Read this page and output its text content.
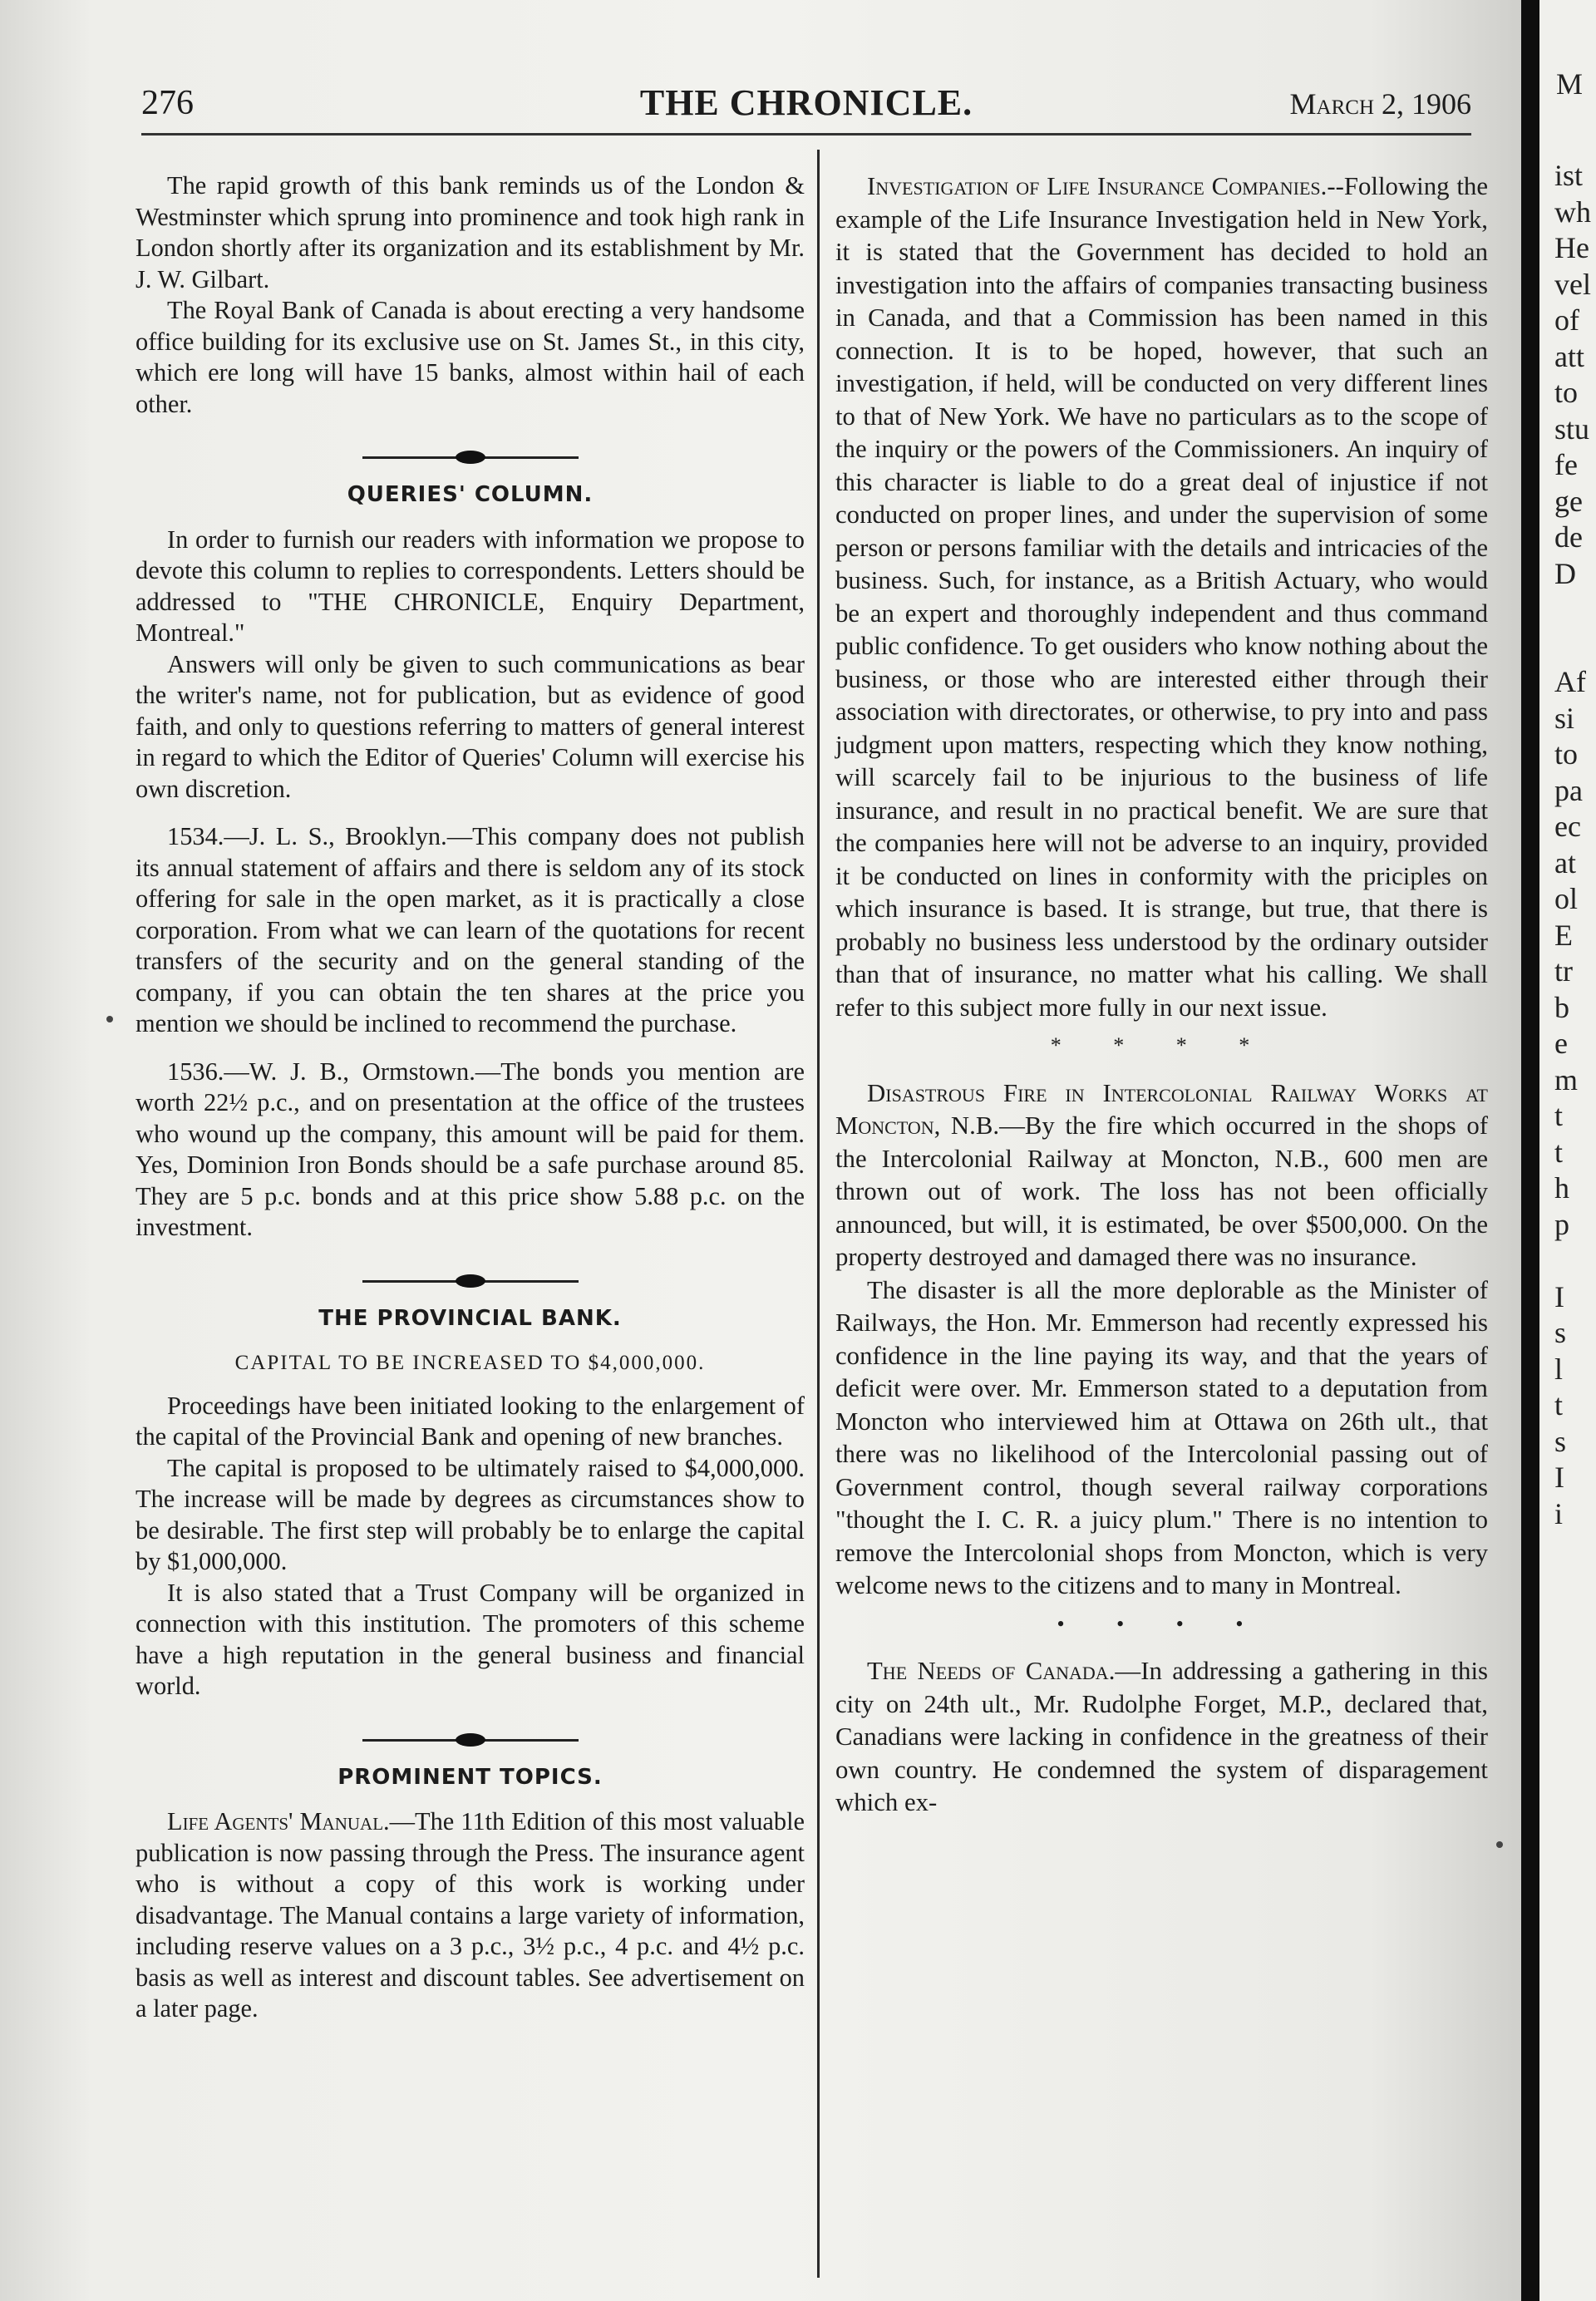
276	THE CHRONICLE.	March 2, 1906

The rapid growth of this bank reminds us of the London & Westminster which sprung into prominence and took high rank in London shortly after its organization and its establishment by Mr. J. W. Gilbart.

The Royal Bank of Canada is about erecting a very handsome office building for its exclusive use on St. James St., in this city, which ere long will have 15 banks, almost within hail of each other.

QUERIES' COLUMN.

In order to furnish our readers with information we propose to devote this column to replies to correspondents. Letters should be addressed to "THE CHRONICLE, Enquiry Department, Montreal."

Answers will only be given to such communications as bear the writer's name, not for publication, but as evidence of good faith, and only to questions referring to matters of general interest in regard to which the Editor of Queries' Column will exercise his own discretion.

1534.—J. L. S., Brooklyn.—This company does not publish its annual statement of affairs and there is seldom any of its stock offering for sale in the open market, as it is practically a close corporation. From what we can learn of the quotations for recent transfers of the security and on the general standing of the company, if you can obtain the ten shares at the price you mention we should be inclined to recommend the purchase.

1536.—W. J. B., Ormstown.—The bonds you mention are worth 22½ p.c., and on presentation at the office of the trustees who wound up the company, this amount will be paid for them. Yes, Dominion Iron Bonds should be a safe purchase around 85. They are 5 p.c. bonds and at this price show 5.88 p.c. on the investment.

THE PROVINCIAL BANK.
CAPITAL TO BE INCREASED TO $4,000,000.

Proceedings have been initiated looking to the enlargement of the capital of the Provincial Bank and opening of new branches.

The capital is proposed to be ultimately raised to $4,000,000. The increase will be made by degrees as circumstances show to be desirable. The first step will probably be to enlarge the capital by $1,000,000.

It is also stated that a Trust Company will be organized in connection with this institution. The promoters of this scheme have a high reputation in the general business and financial world.

PROMINENT TOPICS.

Life Agents' Manual.—The 11th Edition of this most valuable publication is now passing through the Press. The insurance agent who is without a copy of this work is working under disadvantage. The Manual contains a large variety of information, including reserve values on a 3 p.c., 3½ p.c., 4 p.c. and 4½ p.c. basis as well as interest and discount tables. See advertisement on a later page.

Investigation of Life Insurance Companies.--Following the example of the Life Insurance Investigation held in New York, it is stated that the Government has decided to hold an investigation into the affairs of companies transacting business in Canada, and that a Commission has been named in this connection. It is to be hoped, however, that such an investigation, if held, will be conducted on very different lines to that of New York. We have no particulars as to the scope of the inquiry or the powers of the Commissioners. An inquiry of this character is liable to do a great deal of injustice if not conducted on proper lines, and under the supervision of some person or persons familiar with the details and intricacies of the business. Such, for instance, as a British Actuary, who would be an expert and thoroughly independent and thus command public confidence. To get ousiders who know nothing about the business, or those who are interested either through their association with directorates, or otherwise, to pry into and pass judgment upon matters, respecting which they know nothing, will scarcely fail to be injurious to the business of life insurance, and result in no practical benefit. We are sure that the companies here will not be adverse to an inquiry, provided it be conducted on lines in conformity with the priciples on which insurance is based. It is strange, but true, that there is probably no business less understood by the ordinary outsider than that of insurance, no matter what his calling. We shall refer to this subject more fully in our next issue.

* * * *

Disastrous Fire in Intercolonial Railway Works at Moncton, N.B.—By the fire which occurred in the shops of the Intercolonial Railway at Moncton, N.B., 600 men are thrown out of work. The loss has not been officially announced, but will, it is estimated, be over $500,000. On the property destroyed and damaged there was no insurance.

The disaster is all the more deplorable as the Minister of Railways, the Hon. Mr. Emmerson had recently expressed his confidence in the line paying its way, and that the years of deficit were over. Mr. Emmerson stated to a deputation from Moncton who interviewed him at Ottawa on 26th ult., that there was no likelihood of the Intercolonial passing out of Government control, though several railway corporations "thought the I. C. R. a juicy plum." There is no intention to remove the Intercolonial shops from Moncton, which is very welcome news to the citizens and to many in Montreal.

• • • •

The Needs of Canada.—In addressing a gathering in this city on 24th ult., Mr. Rudolphe Forget, M.P., declared that, Canadians were lacking in confidence in the greatness of their own country. He condemned the system of disparagement which ex-

M
ist
wh
He
vel
of
att
to
stu
fe
ge
de
D

Af
si
to
pa
ec
at
ol
E
tr
b
e
m
t
t
h
p

I
s
l
t
s
I
i
